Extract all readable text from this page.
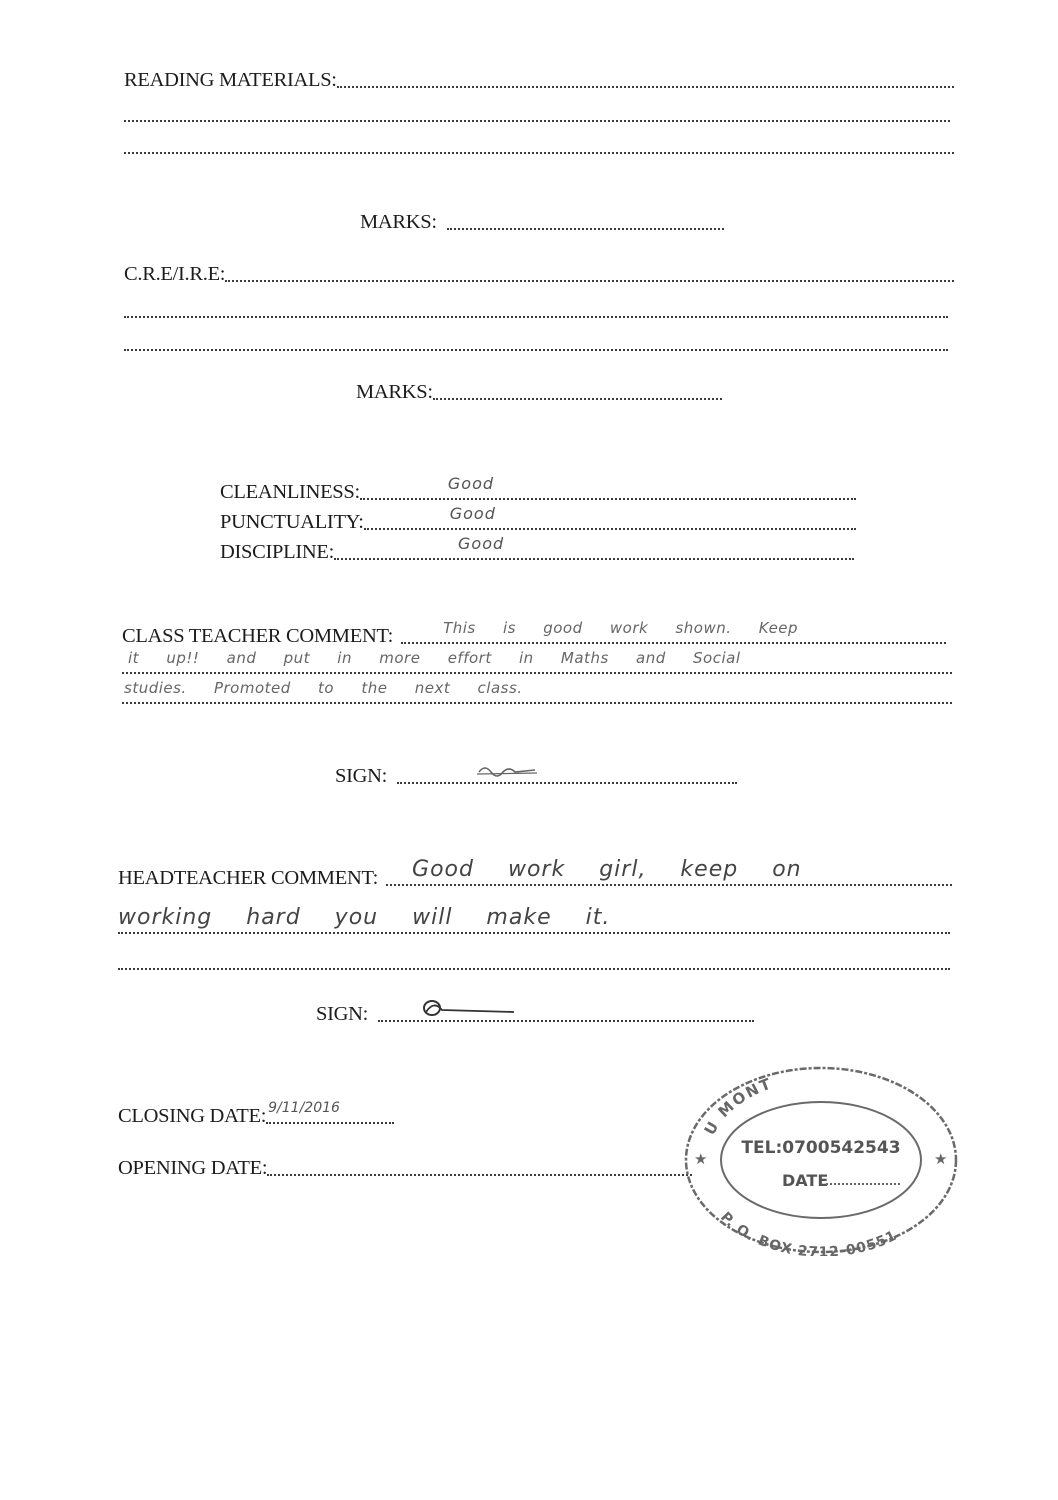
READING MATERIALS:
MARKS:
C.R.E/I.R.E:
MARKS:
CLEANLINESS:	Good
PUNCTUALITY:	Good
DISCIPLINE:	Good
CLASS TEACHER COMMENT:	This is good work shown. Keep
it up!! and put in more effort in Maths and Social
studies. Promoted to the next class.
SIGN:
HEADTEACHER COMMENT: Good work girl, keep on
working hard you will make it.
SIGN:
CLOSING DATE: 9/11/2016
OPENING DATE:
U MONT
TEL:0700542543
DATE
P. O. BOX 2712-00551
★	★
